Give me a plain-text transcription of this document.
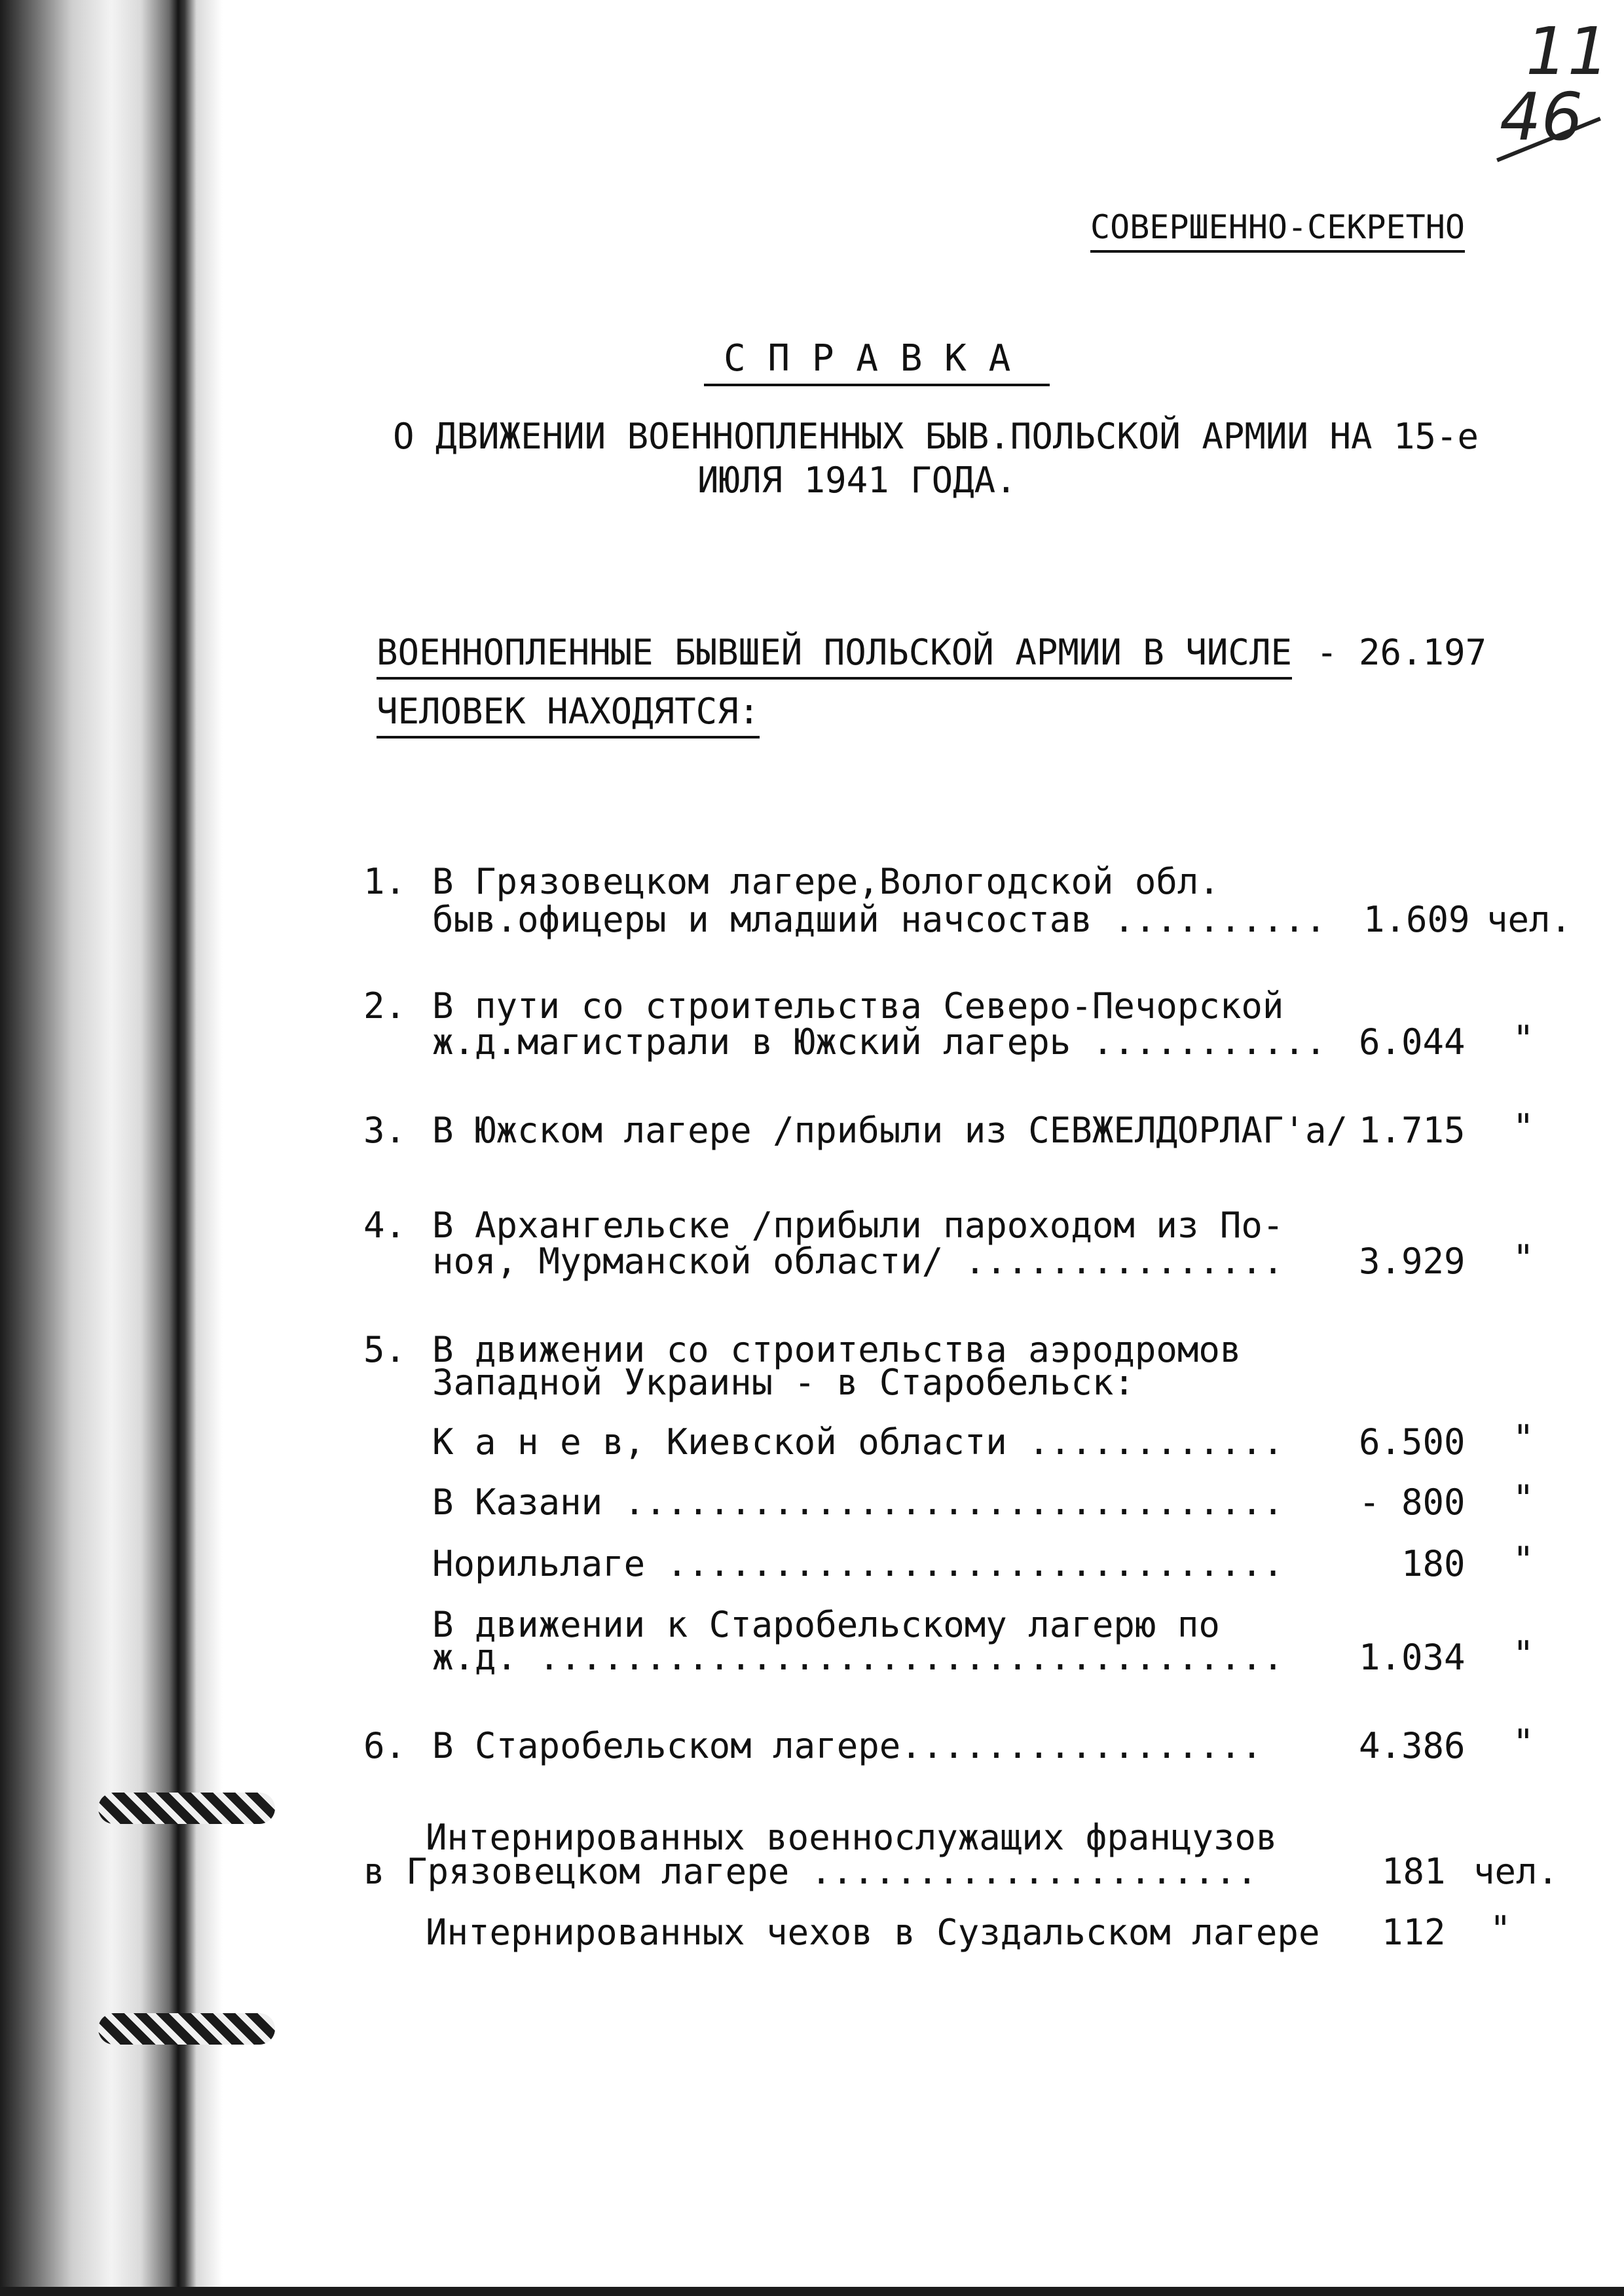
11
46
СОВЕРШЕННО-СЕКРЕТНО
С П Р А В К А
О ДВИЖЕНИИ ВОЕННОПЛЕННЫХ БЫВ.ПОЛЬСКОЙ АРМИИ НА 15-е
ИЮЛЯ 1941 ГОДА.
ВОЕННОПЛЕННЫЕ БЫВШЕЙ ПОЛЬСКОЙ АРМИИ В ЧИСЛЕ - 26.197
ЧЕЛОВЕК НАХОДЯТСЯ:
1. В Грязовецком лагере,Вологодской обл.
быв.офицеры и младший начсостав .......... 1.609 чел.
2. В пути со строительства Северо-Печорской
ж.д.магистрали в Южский лагерь ........... 6.044 "
3. В Южском лагере /прибыли из СЕВЖЕЛДОРЛАГ'а/ 1.715 "
4. В Архангельске /прибыли пароходом из По-
ноя, Мурманской области/ ............... 3.929 "
5. В движении со строительства аэродромов
Западной Украины - в Старобельск:
К а н е в, Киевской области ............ 6.500 "
В Казани ............................... - 800 "
Норильлаге .............................	180 "
В движении к Старобельскому лагерю по
ж.д. ................................... 1.034 "
6. В Старобельском лагере.................	4.386 "
Интернированных военнослужащих французов
в Грязовецком лагере .....................	181 чел.
Интернированных чехов в Суздальском лагере 112 "
